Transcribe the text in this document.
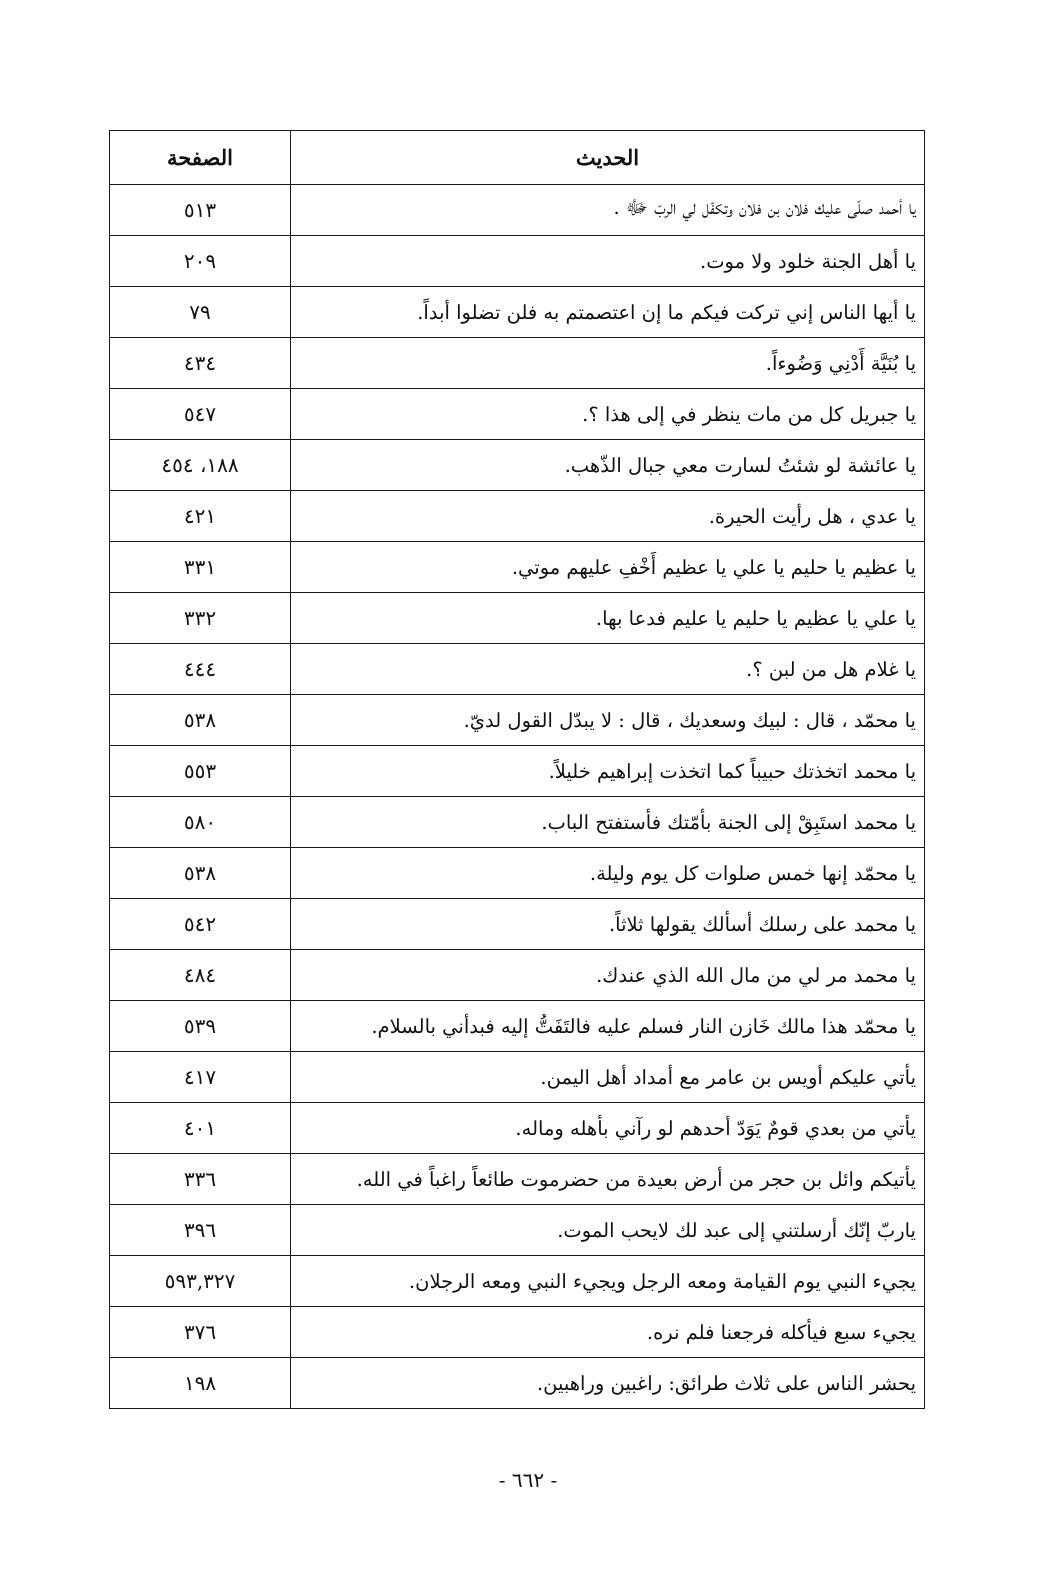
الحديث	الصفحة
يا أحمد صلّى عليك فلان بن فلان وتكفّل لي الربّ ﷻ .	٥١٣
يا أهل الجنة خلود ولا موت.	٢٠٩
يا أيها الناس إني تركت فيكم ما إن اعتصمتم به فلن تضلوا أبداً.	٧٩
يا بُنَيَّة أَدْنِي وَضُوءاً.	٤٣٤
يا جبريل كل من مات ينظر في إلى هذا ؟.	٥٤٧
يا عائشة لو شئتُ لسارت معي جبال الذّهب.	١٨٨، ٤٥٤
يا عدي ، هل رأيت الحيرة.	٤٢١
يا عظيم يا حليم يا علي يا عظيم أَخْفِ عليهم موتي.	٣٣١
يا علي يا عظيم يا حليم يا عليم فدعا بها.	٣٣٢
يا غلام هل من لبن ؟.	٤٤٤
يا محمّد ، قال : لبيك وسعديك ، قال : لا يبدّل القول لديّ.	٥٣٨
يا محمد اتخذتك حبيباً كما اتخذت إبراهيم خليلاً.	٥٥٣
يا محمد استَبِقْ إلى الجنة بأمّتك فأستفتح الباب.	٥٨٠
يا محمّد إنها خمس صلوات كل يوم وليلة.	٥٣٨
يا محمد على رسلك أسألك يقولها ثلاثاً.	٥٤٢
يا محمد مر لي من مال الله الذي عندك.	٤٨٤
يا محمّد هذا مالك خَازن النار فسلم عليه فالتَفَتُّ إليه فبدأني بالسلام.	٥٣٩
يأتي عليكم أويس بن عامر مع أمداد أهل اليمن.	٤١٧
يأتي من بعدي قومٌ يَوَدّ أحدهم لو رآني بأهله وماله.	٤٠١
يأتيكم وائل بن حجر من أرض بعيدة من حضرموت طائعاً راغباً في الله.	٣٣٦
ياربّ إنّك أرسلتني إلى عبد لك لايحب الموت.	٣٩٦
يجيء النبي يوم القيامة ومعه الرجل ويجيء النبي ومعه الرجلان.	٥٩٣,٣٢٧
يجيء سبع فيأكله فرجعنا فلم نره.	٣٧٦
يحشر الناس على ثلاث طرائق: راغبين وراهبين.	١٩٨
- ٦٦٢ -
